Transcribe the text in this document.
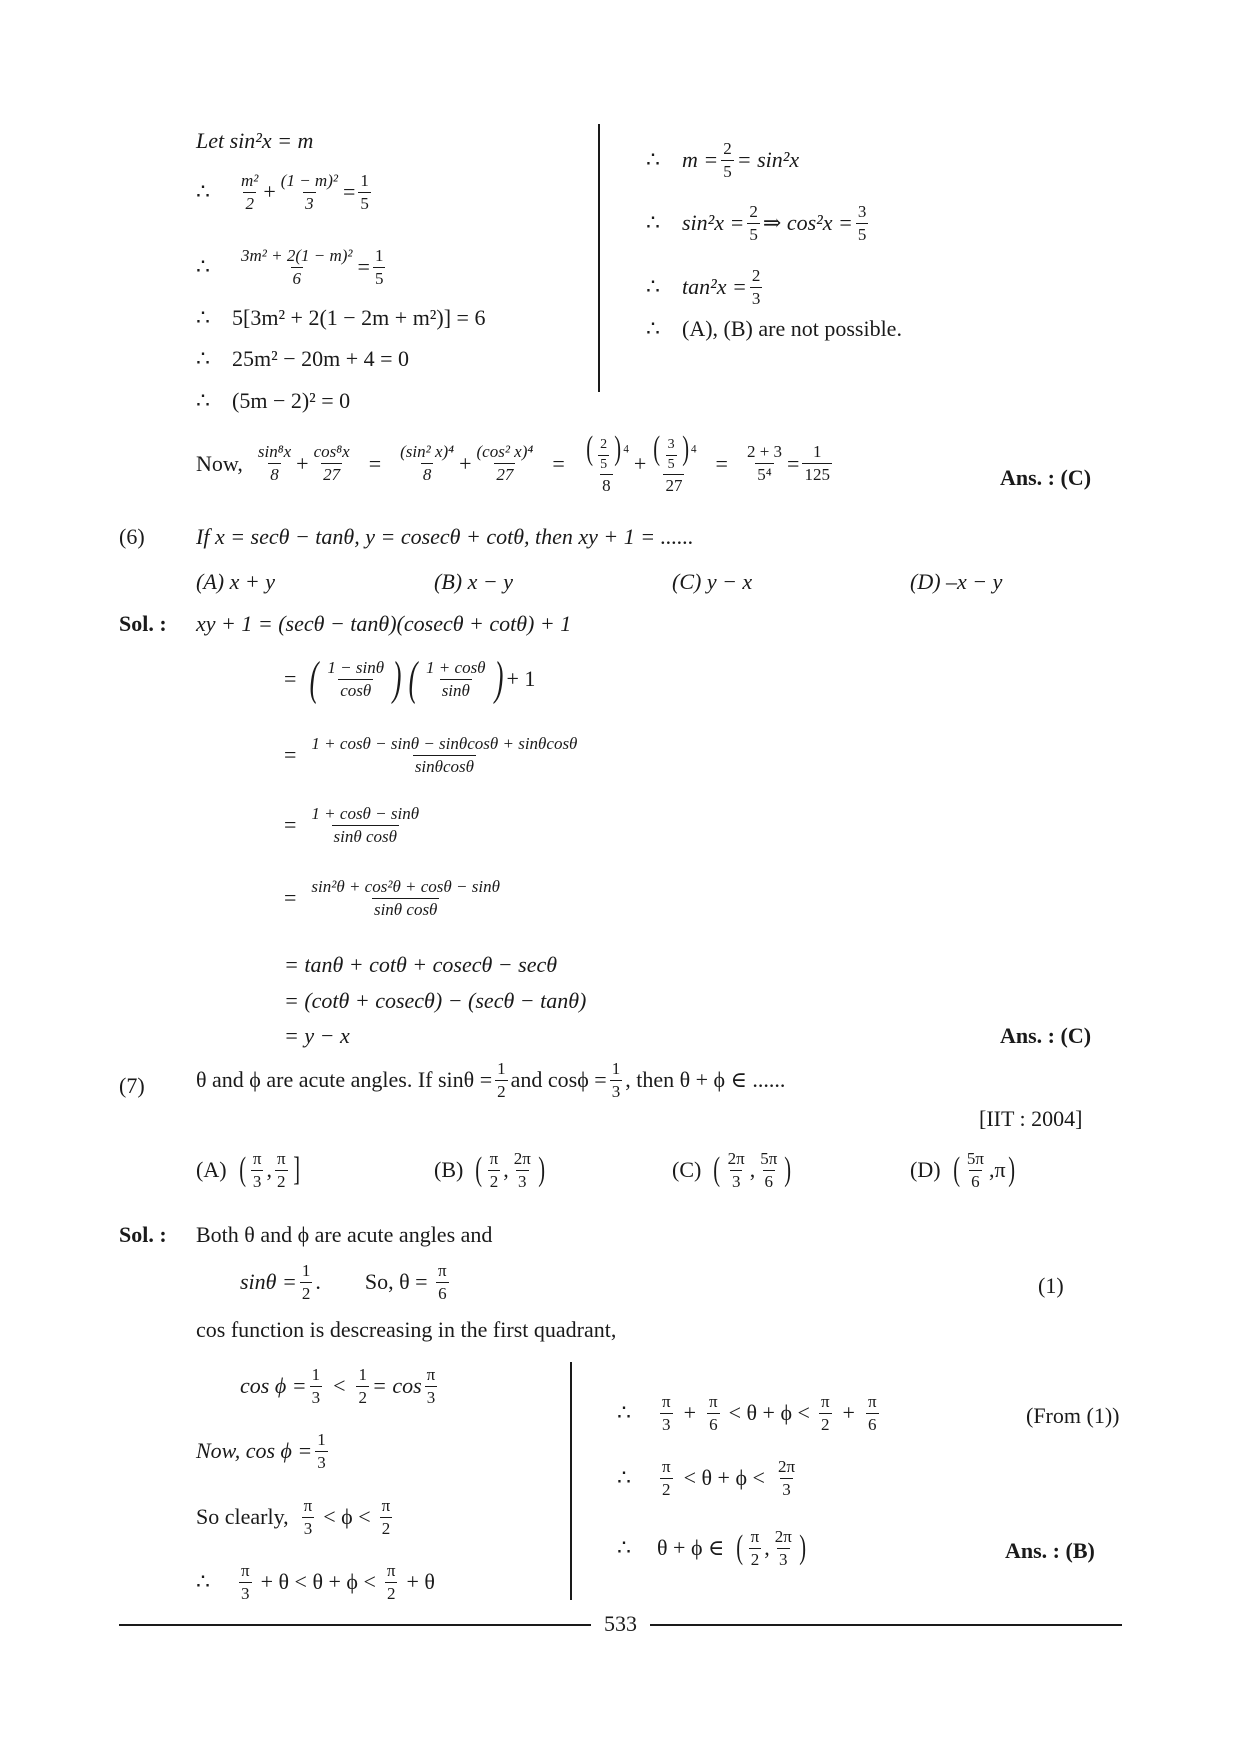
Let sin²x = m
∴ $\frac{\text{m²}}{2} + \frac{\text{(1 − m)²}}{3} = \frac{1}{5}$
∴ $\frac{\text{3m² + 2(1 − m)²}}{6} = \frac{1}{5}$
∴ 5[3m² + 2(1 − 2m + m²)] = 6
∴ 25m² − 20m + 4 = 0
∴ (5m − 2)² = 0
∴ $m = \frac{2}{5} = \sin^2x$
∴ $\sin^2x = \frac{2}{5}$ ⇒ $\cos^2x = \frac{3}{5}$
∴ $\tan^2x = \frac{2}{3}$
∴ (A), (B) are not possible.
Now, $\frac{\text{sin⁸x}}{8} + \frac{\text{cos⁸x}}{27} = \frac{\text{(sin² x)⁴}}{8} + \frac{\text{(cos² x)⁴}}{27} = \frac{( \frac{2}{5} ) ^4}{8} + \frac{( \frac{3}{5} ) ^4}{27} = \frac{2 + 3}{\text{5⁴}} = \frac{1}{125}$	Ans. : (C)
(6) If x = secθ − tanθ, y = cosecθ + cotθ, then xy + 1 = ......
(A) x + y	(B) x − y	(C) y − x	(D) –x − y
Sol. : xy + 1 = (secθ − tanθ)(cosecθ + cotθ) + 1
= ( $\frac{1 - \sin\theta}{\cos\theta}$ ) ( $\frac{1 + \cos\theta}{\sin\theta}$ ) + 1
= $\frac{1 + \cos\theta - \sin\theta - \sin\theta\cos\theta + \sin\theta\cos\theta}{\sin\theta\cos\theta}$
= $\frac{1 + \cos\theta - \sin\theta}{\text{sinθ cosθ}}$
= $\frac{\text{sin²θ + cos²θ + cosθ − sinθ}}{\text{sinθ cosθ}}$
= tanθ + cotθ + cosecθ − secθ
= (cotθ + cosecθ) − (secθ − tanθ)
= y − x	Ans. : (C)
(7) θ and ϕ are acute angles. If $\sin\theta = \frac{1}{2}$ and $\cos\phi = \frac{1}{3}$ , then θ + ϕ ∈ ......
[IIT : 2004]
(A) ( $\frac{\pi}{3}$ , $\frac{\pi}{2}$ ]	(B) ( $\frac{\pi}{2}$ , $\frac{2\pi}{3}$ )	(C) ( $\frac{2\pi}{3}$ , $\frac{5\pi}{6}$ )	(D) ( $\frac{5\pi}{6}$ , π )
Sol. : Both θ and ϕ are acute angles and
$\sin\theta = \frac{1}{2}$ .        So, $\theta = \frac{\pi}{6}$	(1)
cos function is descreasing in the first quadrant,
$\cos \phi = \frac{1}{3} < \frac{1}{2} = \cos \frac{\pi}{3}$
Now, $\cos \phi = \frac{1}{3}$
So clearly, $\frac{\pi}{3} < \phi < \frac{\pi}{2}$
∴ $\frac{\pi}{3} + \theta < \theta + \phi < \frac{\pi}{2} + \theta$
∴ $\frac{\pi}{3} + \frac{\pi}{6} < \theta + \phi < \frac{\pi}{2} + \frac{\pi}{6}$	(From (1))
∴ $\frac{\pi}{2} < \theta + \phi < \frac{2\pi}{3}$
∴ θ + ϕ ∈ ( $\frac{\pi}{2}$ , $\frac{2\pi}{3}$ )	Ans. : (B)
533
